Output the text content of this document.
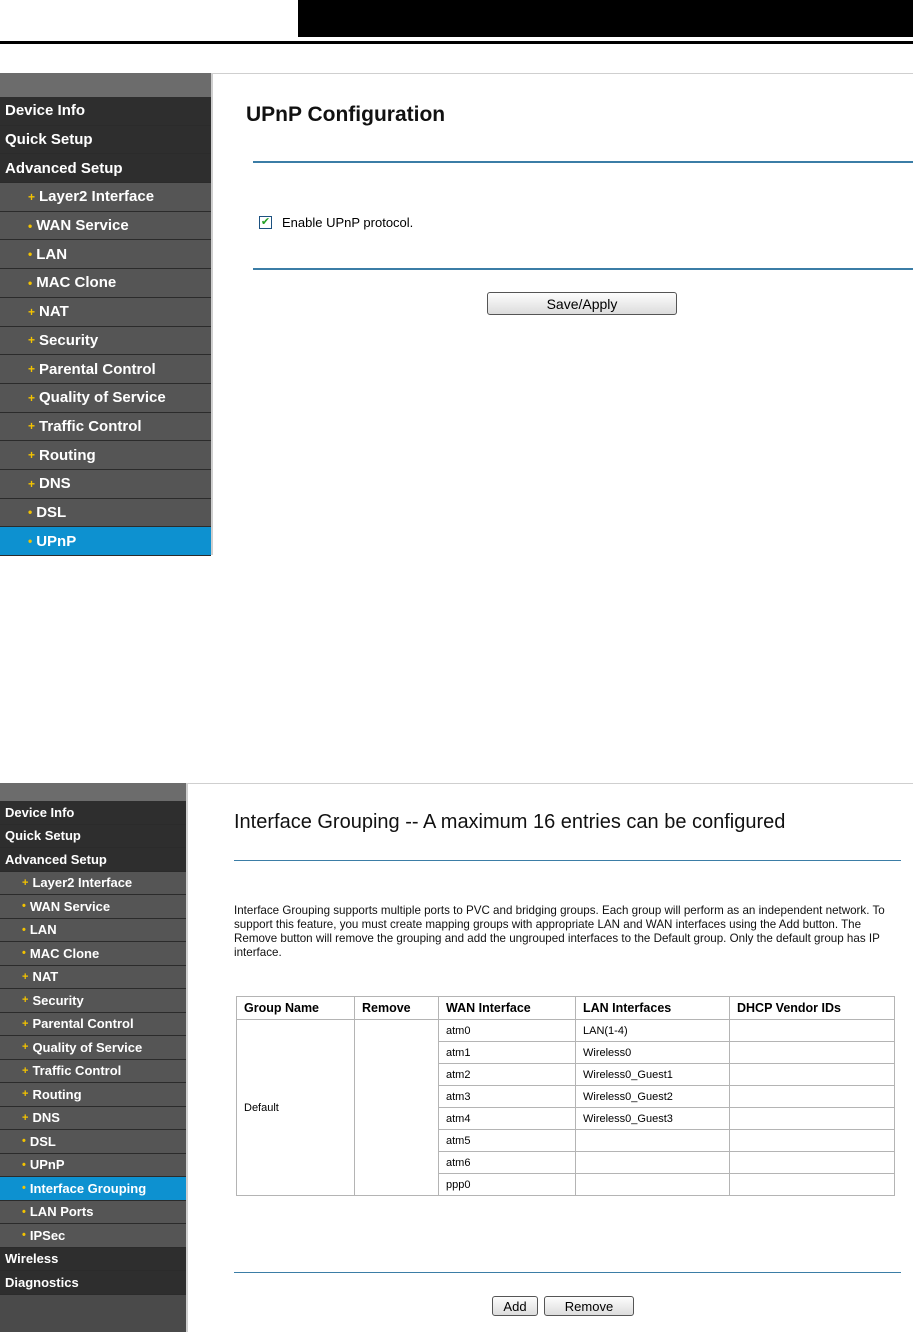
Device Info
Quick Setup
Advanced Setup
+ Layer2 Interface
• WAN Service
• LAN
• MAC Clone
+ NAT
+ Security
+ Parental Control
+ Quality of Service
+ Traffic Control
+ Routing
+ DNS
• DSL
• UPnP
UPnP Configuration
✔ Enable UPnP protocol.
Save/Apply
Device Info
Quick Setup
Advanced Setup
+ Layer2 Interface
• WAN Service
• LAN
• MAC Clone
+ NAT
+ Security
+ Parental Control
+ Quality of Service
+ Traffic Control
+ Routing
+ DNS
• DSL
• UPnP
• Interface Grouping
• LAN Ports
• IPSec
Wireless
Diagnostics
Interface Grouping -- A maximum 16 entries can be configured
Interface Grouping supports multiple ports to PVC and bridging groups. Each group will perform as an independent network. To support this feature, you must create mapping groups with appropriate LAN and WAN interfaces using the Add button. The Remove button will remove the grouping and add the ungrouped interfaces to the Default group. Only the default group has IP interface.
Group Name	Remove	WAN Interface	LAN Interfaces	DHCP Vendor IDs
Default		atm0	LAN(1-4)	
		atm1	Wireless0	
		atm2	Wireless0_Guest1	
		atm3	Wireless0_Guest2	
		atm4	Wireless0_Guest3	
		atm5		
		atm6		
		ppp0		
Add	Remove
